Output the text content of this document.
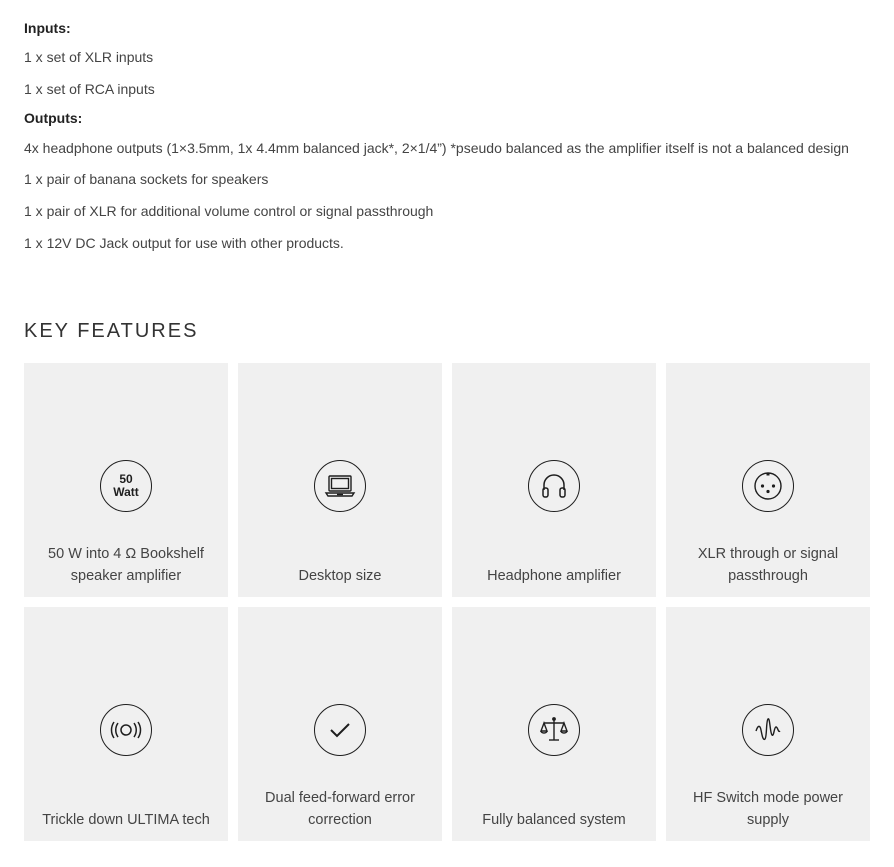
Inputs:

1 x set of XLR inputs

1 x set of RCA inputs

Outputs:

4x headphone outputs (1×3.5mm, 1x 4.4mm balanced jack*, 2×1/4”) *pseudo balanced as the amplifier itself is not a balanced design

1 x pair of banana sockets for speakers

1 x pair of XLR for additional volume control or signal passthrough

1 x 12V DC Jack output for use with other products.

KEY FEATURES
50
Watt
50 W into 4 Ω Bookshelf speaker amplifier	Desktop size	Headphone amplifier
XLR through or signal passthrough
Trickle down ULTIMA tech
Dual feed-forward error correction	Fully balanced system
HF Switch mode power supply
